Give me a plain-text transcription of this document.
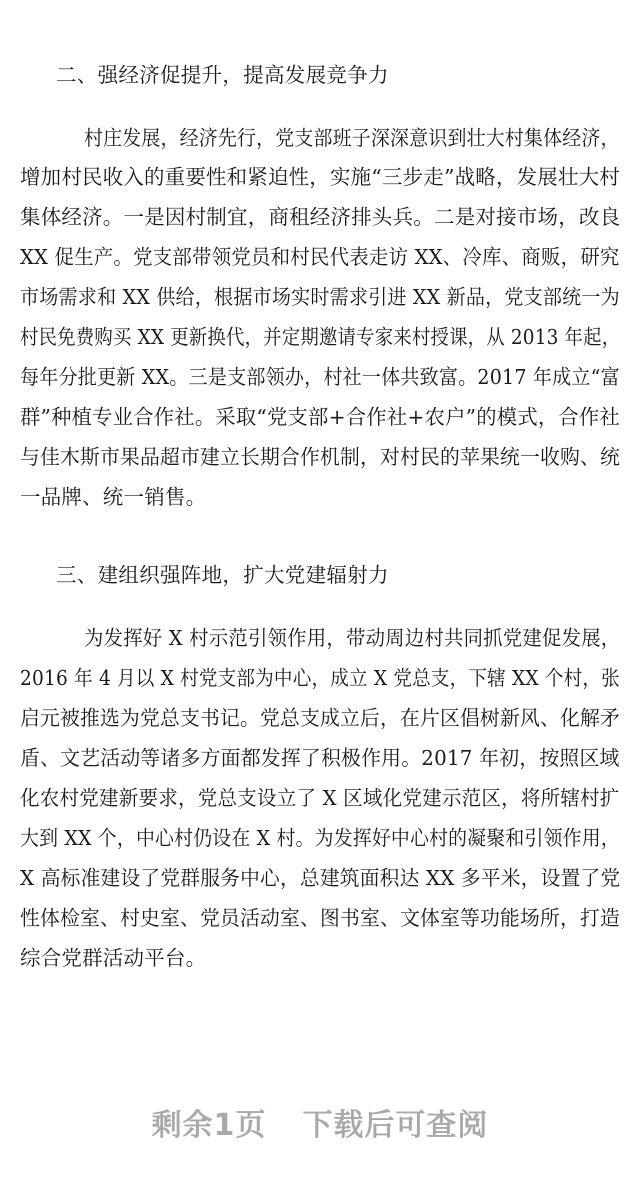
二、强经济促提升，提高发展竞争力
村庄发展，经济先行，党支部班子深深意识到壮大村集体经济，
增加村民收入的重要性和紧迫性，实施“三步走”战略，发展壮大村
集体经济。一是因村制宜，商租经济排头兵。二是对接市场，改良
XX 促生产。党支部带领党员和村民代表走访 XX、冷库、商贩，研究
市场需求和 XX 供给，根据市场实时需求引进 XX 新品，党支部统一为
村民免费购买 XX 更新换代，并定期邀请专家来村授课，从 2013 年起，
每年分批更新 XX。三是支部领办，村社一体共致富。2017 年成立“富
群”种植专业合作社。采取“党支部+合作社+农户”的模式，合作社
与佳木斯市果品超市建立长期合作机制，对村民的苹果统一收购、统
一品牌、统一销售。
三、建组织强阵地，扩大党建辐射力
为发挥好 X 村示范引领作用，带动周边村共同抓党建促发展，
2016 年 4 月以 X 村党支部为中心，成立 X 党总支，下辖 XX 个村，张
启元被推选为党总支书记。党总支成立后，在片区倡树新风、化解矛
盾、文艺活动等诸多方面都发挥了积极作用。2017 年初，按照区域
化农村党建新要求，党总支设立了 X 区域化党建示范区，将所辖村扩
大到 XX 个，中心村仍设在 X 村。为发挥好中心村的凝聚和引领作用，
X 高标准建设了党群服务中心，总建筑面积达 XX 多平米，设置了党
性体检室、村史室、党员活动室、图书室、文体室等功能场所，打造
综合党群活动平台。
剩余1页 下载后可查阅
